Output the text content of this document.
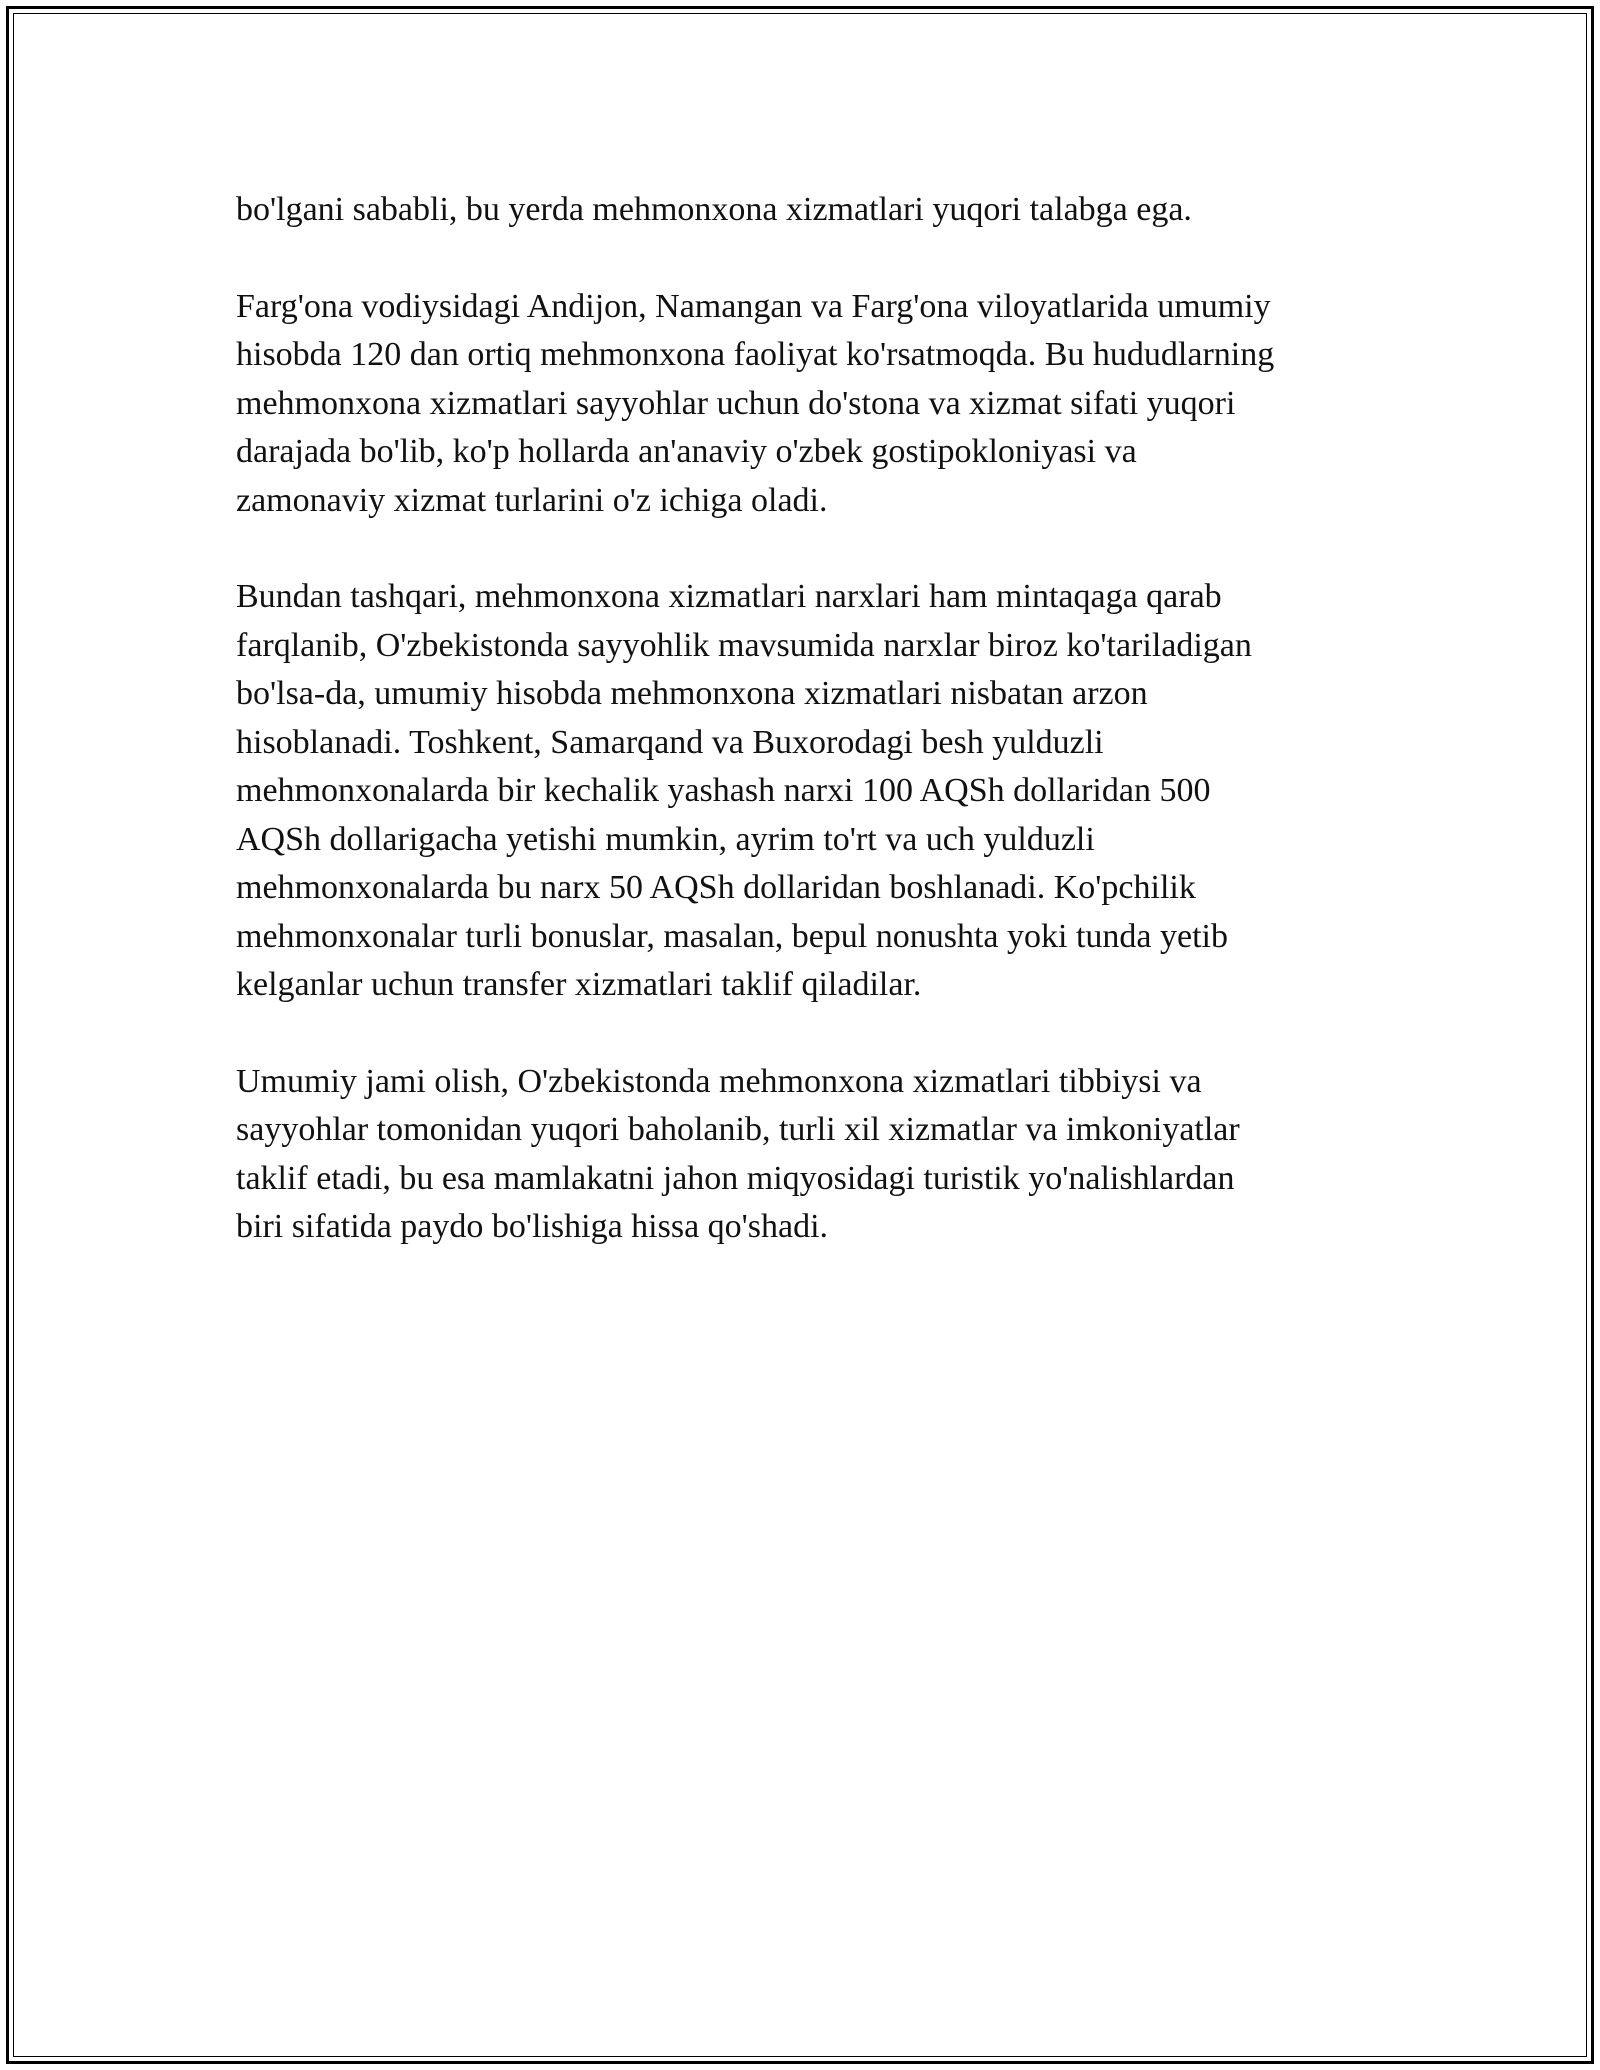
bo'lgani sababli, bu yerda mehmonxona xizmatlari yuqori talabga ega.

Farg'ona vodiysidagi Andijon, Namangan va Farg'ona viloyatlarida umumiy
hisobda 120 dan ortiq mehmonxona faoliyat ko'rsatmoqda. Bu hududlarning
mehmonxona xizmatlari sayyohlar uchun do'stona va xizmat sifati yuqori
darajada bo'lib, ko'p hollarda an'anaviy o'zbek gostipokloniyasi va
zamonaviy xizmat turlarini o'z ichiga oladi.

Bundan tashqari, mehmonxona xizmatlari narxlari ham mintaqaga qarab
farqlanib, O'zbekistonda sayyohlik mavsumida narxlar biroz ko'tariladigan
bo'lsa-da, umumiy hisobda mehmonxona xizmatlari nisbatan arzon
hisoblanadi. Toshkent, Samarqand va Buxorodagi besh yulduzli
mehmonxonalarda bir kechalik yashash narxi 100 AQSh dollaridan 500
AQSh dollarigacha yetishi mumkin, ayrim to'rt va uch yulduzli
mehmonxonalarda bu narx 50 AQSh dollaridan boshlanadi. Ko'pchilik
mehmonxonalar turli bonuslar, masalan, bepul nonushta yoki tunda yetib
kelganlar uchun transfer xizmatlari taklif qiladilar.

Umumiy jami olish, O'zbekistonda mehmonxona xizmatlari tibbiysi va
sayyohlar tomonidan yuqori baholanib, turli xil xizmatlar va imkoniyatlar
taklif etadi, bu esa mamlakatni jahon miqyosidagi turistik yo'nalishlardan
biri sifatida paydo bo'lishiga hissa qo'shadi.
